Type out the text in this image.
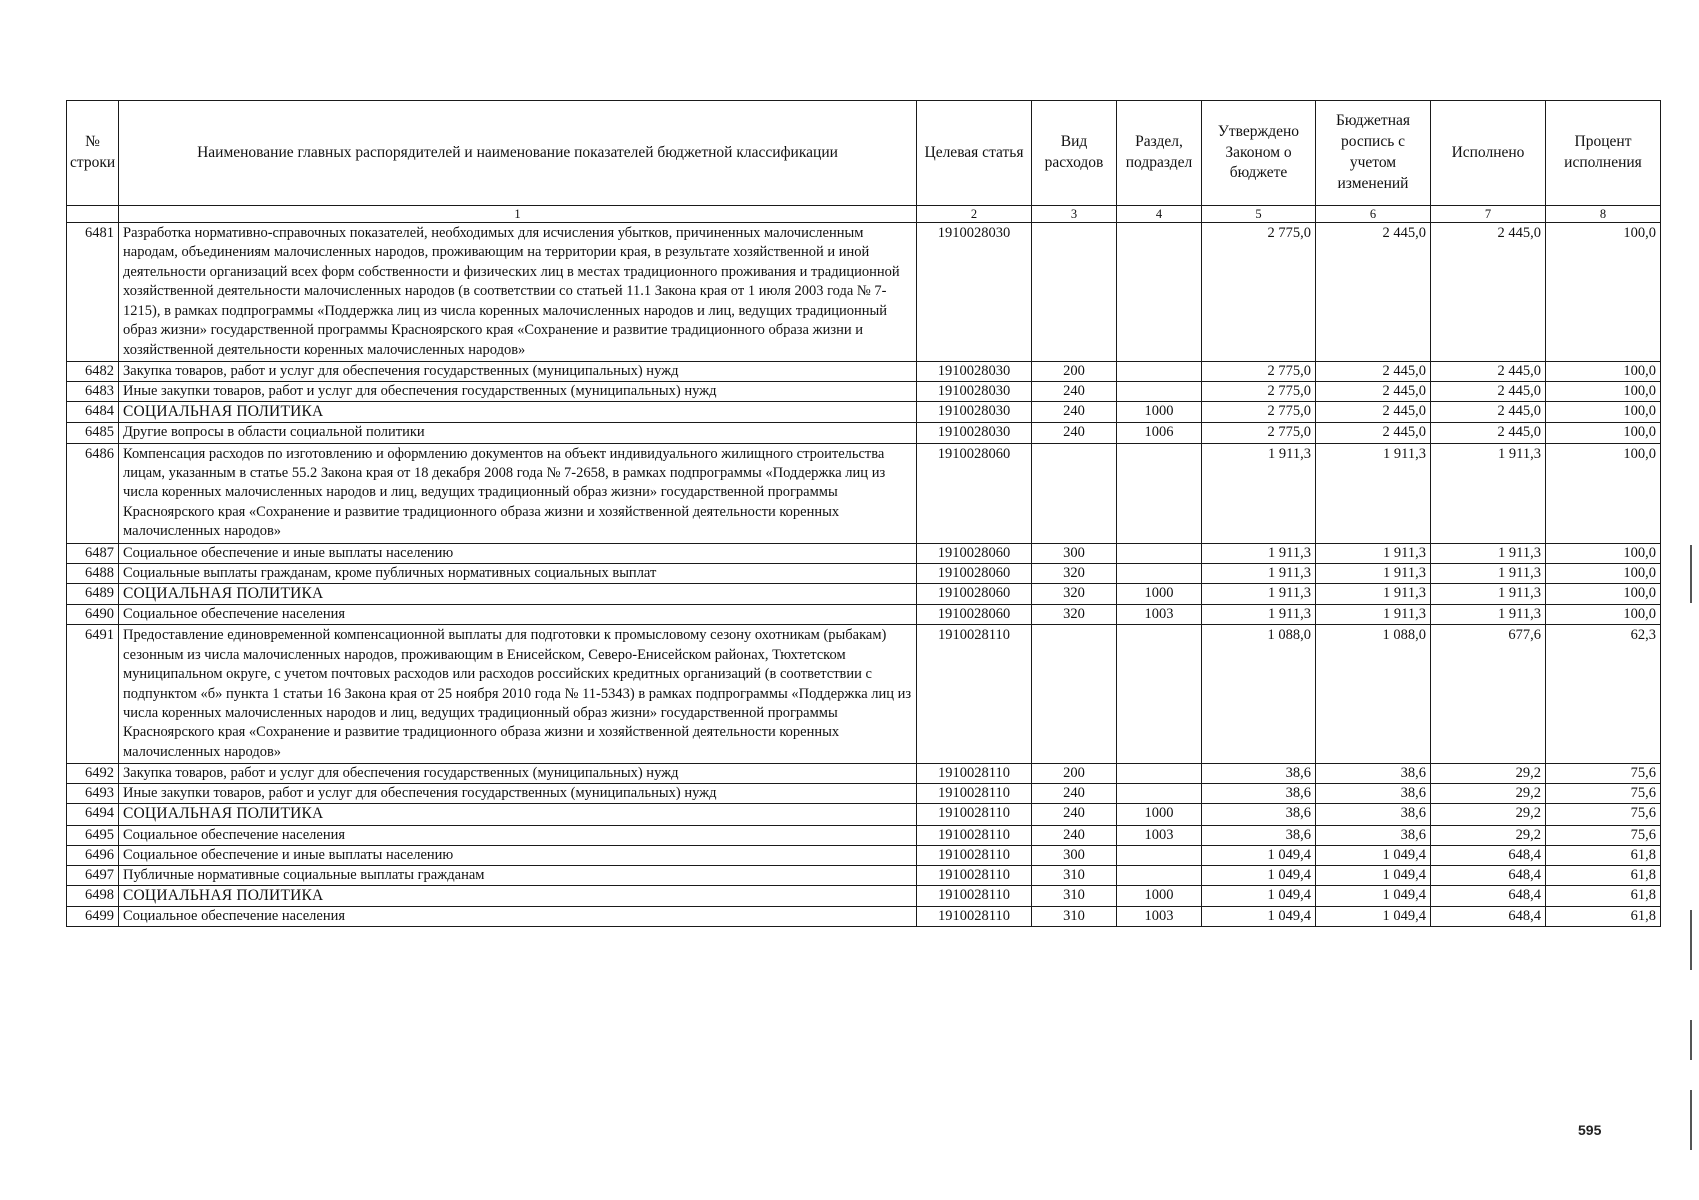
№ строки	Наименование главных распорядителей и наименование показателей бюджетной классификации	Целевая статья	Вид расходов	Раздел, подраздел	Утверждено Законом о бюджете	Бюджетная роспись с учетом изменений	Исполнено	Процент исполнения
	1	2	3	4	5	6	7	8
6481	Разработка нормативно-справочных показателей, необходимых для исчисления убытков, причиненных малочисленным народам, объединениям малочисленных народов, проживающим на территории края, в результате хозяйственной и иной деятельности организаций всех форм собственности и физических лиц в местах традиционного проживания и традиционной хозяйственной деятельности малочисленных народов (в соответствии со статьей 11.1 Закона края от 1 июля 2003 года № 7-1215), в рамках подпрограммы «Поддержка лиц из числа коренных малочисленных народов и лиц, ведущих традиционный образ жизни» государственной программы Красноярского края «Сохранение и развитие традиционного образа жизни и хозяйственной деятельности коренных малочисленных народов»	1910028030			2 775,0	2 445,0	2 445,0	100,0
6482	Закупка товаров, работ и услуг для обеспечения государственных (муниципальных) нужд	1910028030	200		2 775,0	2 445,0	2 445,0	100,0
6483	Иные закупки товаров, работ и услуг для обеспечения государственных (муниципальных) нужд	1910028030	240		2 775,0	2 445,0	2 445,0	100,0
6484	СОЦИАЛЬНАЯ ПОЛИТИКА	1910028030	240	1000	2 775,0	2 445,0	2 445,0	100,0
6485	Другие вопросы в области социальной политики	1910028030	240	1006	2 775,0	2 445,0	2 445,0	100,0
6486	Компенсация расходов по изготовлению и оформлению документов на объект индивидуального жилищного строительства лицам, указанным в статье 55.2 Закона края от 18 декабря 2008 года № 7-2658, в рамках подпрограммы «Поддержка лиц из числа коренных малочисленных народов и лиц, ведущих традиционный образ жизни» государственной программы Красноярского края «Сохранение и развитие традиционного образа жизни и хозяйственной деятельности коренных малочисленных народов»	1910028060			1 911,3	1 911,3	1 911,3	100,0
6487	Социальное обеспечение и иные выплаты населению	1910028060	300		1 911,3	1 911,3	1 911,3	100,0
6488	Социальные выплаты гражданам, кроме публичных нормативных социальных выплат	1910028060	320		1 911,3	1 911,3	1 911,3	100,0
6489	СОЦИАЛЬНАЯ ПОЛИТИКА	1910028060	320	1000	1 911,3	1 911,3	1 911,3	100,0
6490	Социальное обеспечение населения	1910028060	320	1003	1 911,3	1 911,3	1 911,3	100,0
6491	Предоставление единовременной компенсационной выплаты для подготовки к промысловому сезону охотникам (рыбакам) сезонным из числа малочисленных народов, проживающим в Енисейском, Северо-Енисейском районах, Тюхтетском муниципальном округе, с учетом почтовых расходов или расходов российских кредитных организаций (в соответствии с подпунктом «б» пункта 1 статьи 16 Закона края от 25 ноября 2010 года № 11-5343) в рамках подпрограммы «Поддержка лиц из числа коренных малочисленных народов и лиц, ведущих традиционный образ жизни» государственной программы Красноярского края «Сохранение и развитие традиционного образа жизни и хозяйственной деятельности коренных малочисленных народов»	1910028110			1 088,0	1 088,0	677,6	62,3
6492	Закупка товаров, работ и услуг для обеспечения государственных (муниципальных) нужд	1910028110	200		38,6	38,6	29,2	75,6
6493	Иные закупки товаров, работ и услуг для обеспечения государственных (муниципальных) нужд	1910028110	240		38,6	38,6	29,2	75,6
6494	СОЦИАЛЬНАЯ ПОЛИТИКА	1910028110	240	1000	38,6	38,6	29,2	75,6
6495	Социальное обеспечение населения	1910028110	240	1003	38,6	38,6	29,2	75,6
6496	Социальное обеспечение и иные выплаты населению	1910028110	300		1 049,4	1 049,4	648,4	61,8
6497	Публичные нормативные социальные выплаты гражданам	1910028110	310		1 049,4	1 049,4	648,4	61,8
6498	СОЦИАЛЬНАЯ ПОЛИТИКА	1910028110	310	1000	1 049,4	1 049,4	648,4	61,8
6499	Социальное обеспечение населения	1910028110	310	1003	1 049,4	1 049,4	648,4	61,8
595
